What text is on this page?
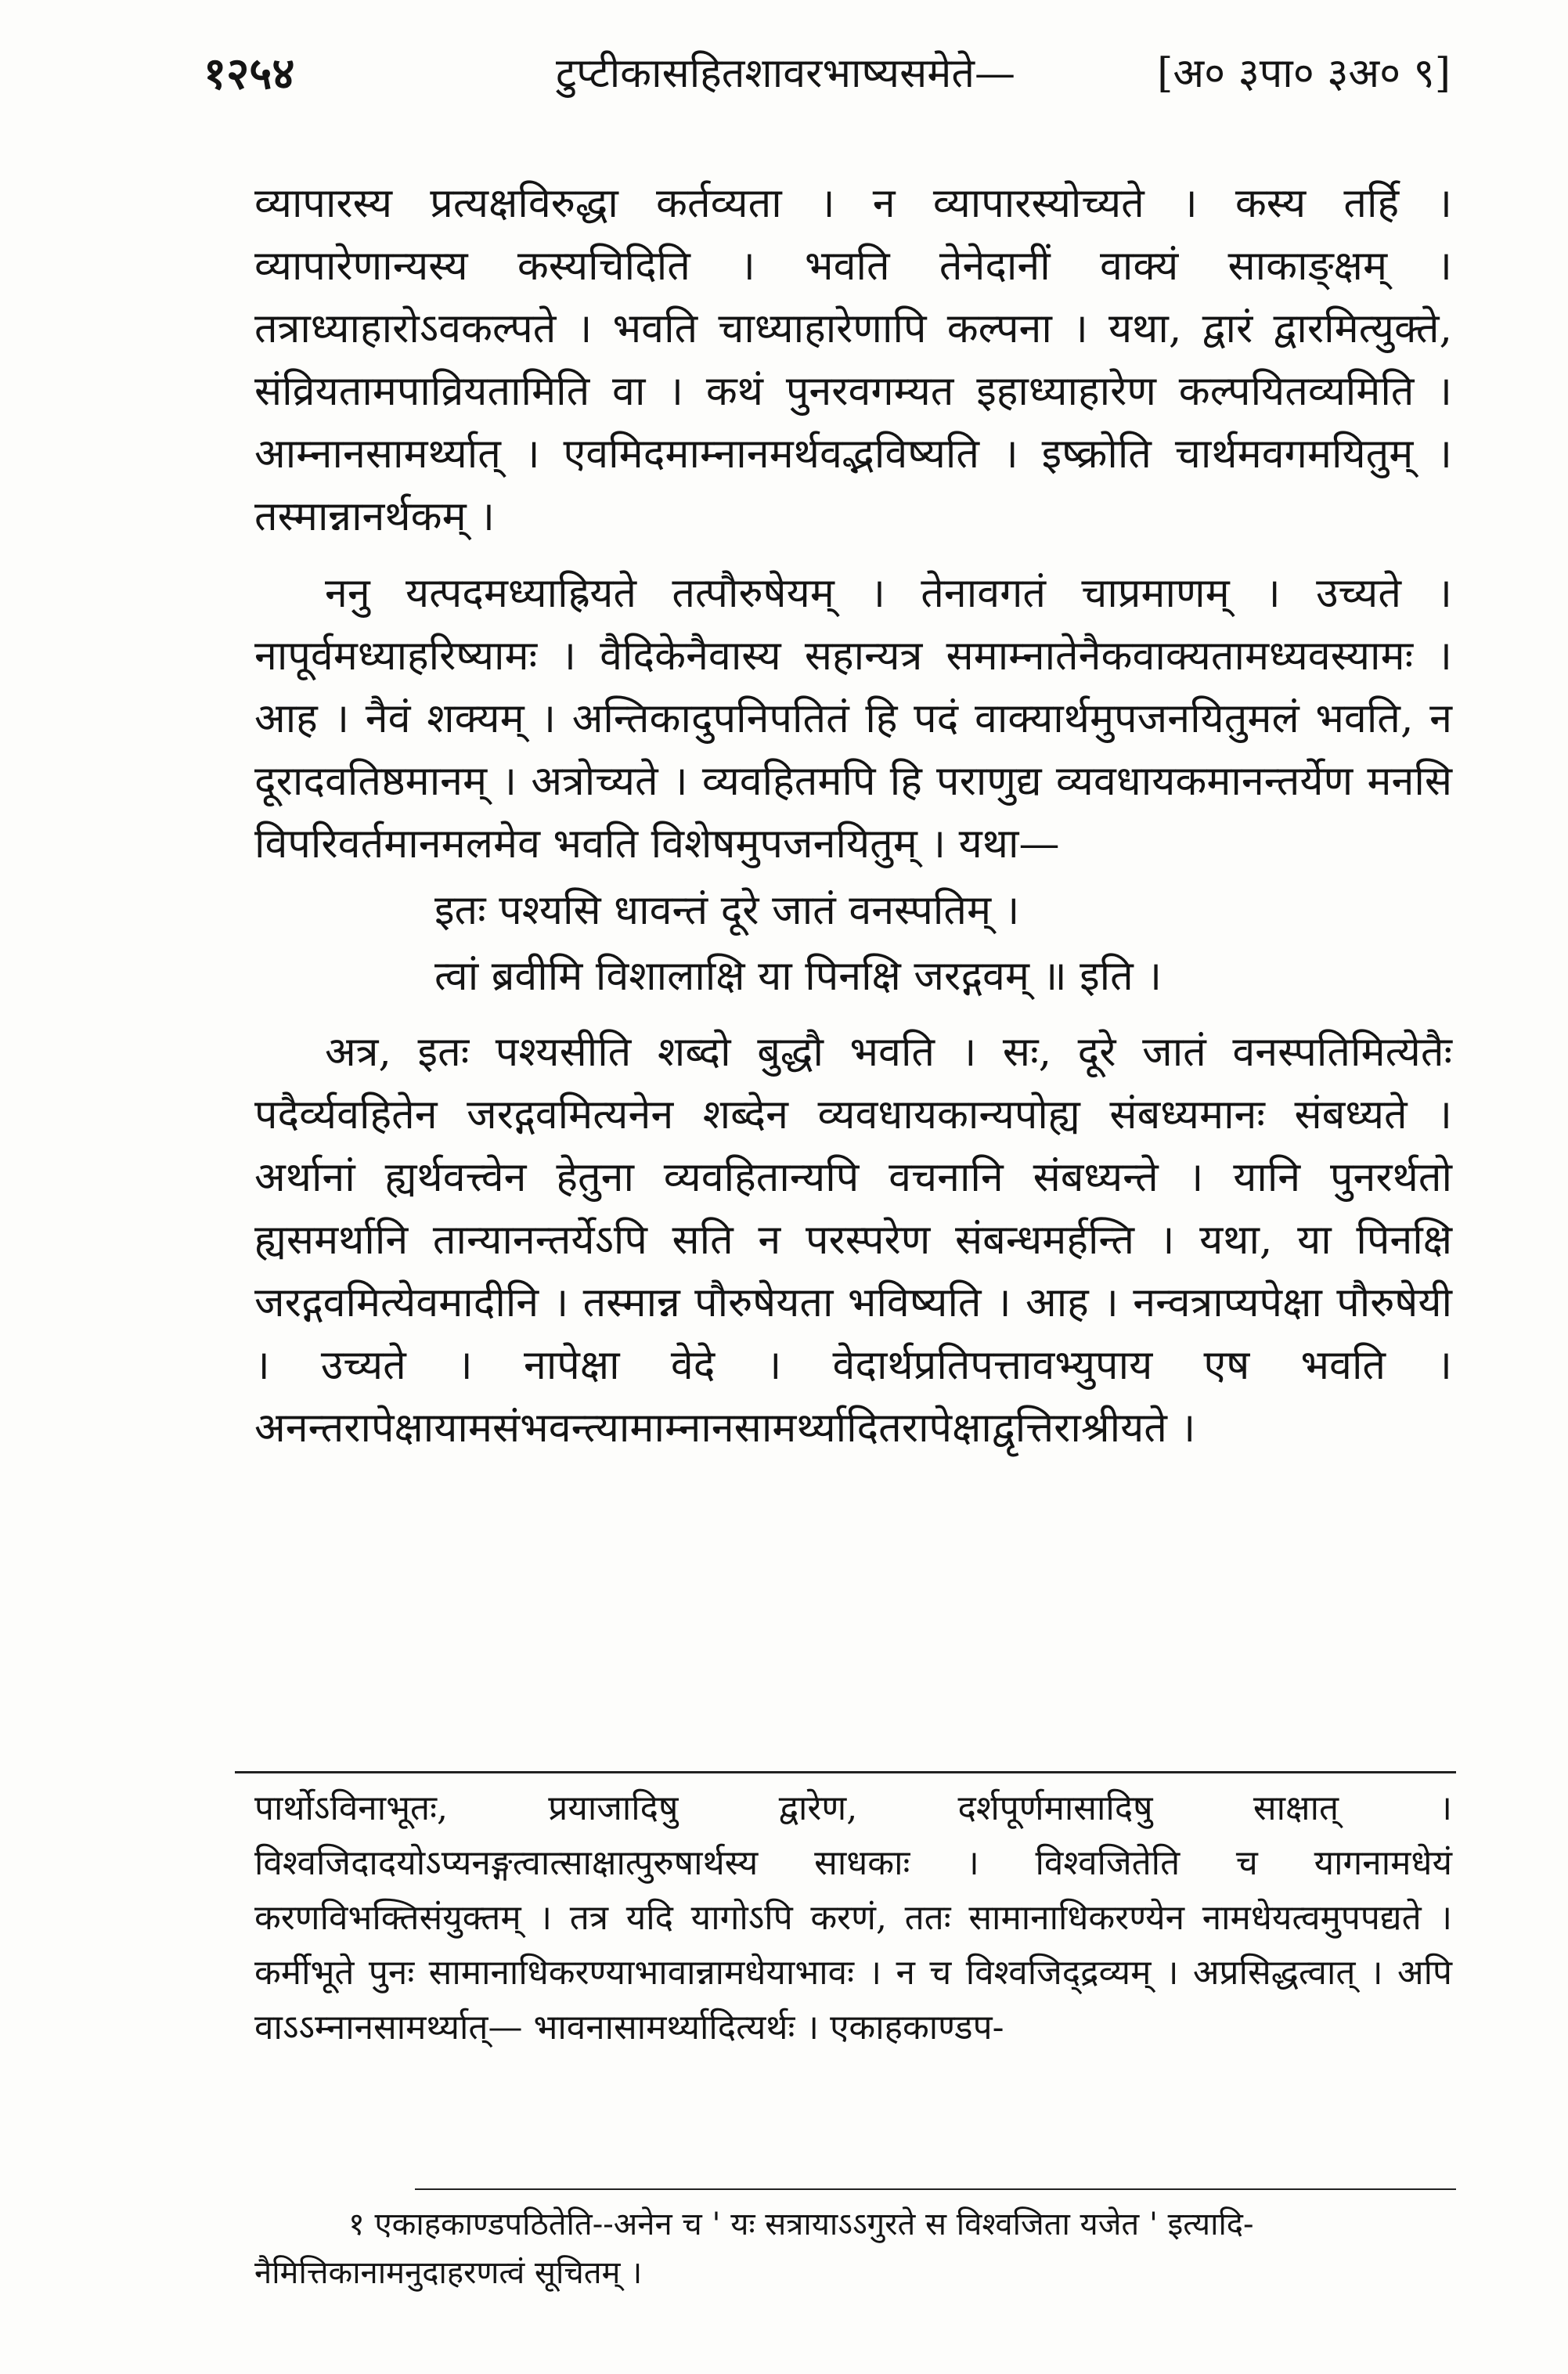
१२५४	टुप्टीकासहितशावरभाष्यसमेते—	[अ० ३पा० ३अ० ९]

व्यापारस्य प्रत्यक्षविरुद्धा कर्तव्यता । न व्यापारस्योच्यते । कस्य तर्हि । व्यापारेणान्यस्य कस्यचिदिति । भवति तेनेदानीं वाक्यं साकाङ्क्षम् । तत्राध्याहारोऽवकल्पते । भवति चाध्याहारेणापि कल्पना । यथा, द्वारं द्वारमित्युक्ते, संव्रियतामपाव्रियतामिति वा । कथं पुनरवगम्यत इहाध्याहारेण कल्पयितव्यमिति । आम्नानसामर्थ्यात् । एवमिदमाम्नानमर्थवद्भविष्यति । इष्क्रोति चार्थमवगमयितुम् । तस्मान्नानर्थकम् ।

ननु यत्पदमध्याह्रियते तत्पौरुषेयम् । तेनावगतं चाप्रमाणम् । उच्यते । नापूर्वमध्याहरिष्यामः । वैदिकेनैवास्य सहान्यत्र समाम्नातेनैकवाक्यतामध्यवस्यामः । आह । नैवं शक्यम् । अन्तिकादुपनिपतितं हि पदं वाक्यार्थमुपजनयितुमलं भवति, न दूरादवतिष्ठमानम् । अत्रोच्यते । व्यवहितमपि हि पराणुद्य व्यवधायकमानन्तर्येण मनसि विपरिवर्तमानमलमेव भवति विशेषमुपजनयितुम् । यथा—

इतः पश्यसि धावन्तं दूरे जातं वनस्पतिम् ।

त्वां ब्रवीमि विशालाक्षि या पिनक्षि जरद्गवम् ॥ इति ।

अत्र, इतः पश्यसीति शब्दो बुद्धौ भवति । सः, दूरे जातं वनस्पतिमित्येतैः पदैर्व्यवहितेन जरद्गवमित्यनेन शब्देन व्यवधायकान्यपोह्य संबध्यमानः संबध्यते । अर्थानां ह्यर्थवत्त्वेन हेतुना व्यवहितान्यपि वचनानि संबध्यन्ते । यानि पुनरर्थतो ह्यसमर्थानि तान्यानन्तर्येऽपि सति न परस्परेण संबन्धमर्हन्ति । यथा, या पिनक्षि जरद्गवमित्येवमादीनि । तस्मान्न पौरुषेयता भविष्यति । आह । नन्वत्राप्यपेक्षा पौरुषेयी । उच्यते । नापेक्षा वेदे । वेदार्थप्रतिपत्तावभ्युपाय एष भवति । अनन्तरापेक्षायामसंभवन्त्यामाम्नानसामर्थ्यादितरापेक्षाद्वृत्तिराश्रीयते ।

पार्थोऽविनाभूतः, प्रयाजादिषु द्वारेण, दर्शपूर्णमासादिषु साक्षात् । विश्वजिदादयोऽप्यनङ्गत्वात्साक्षात्पुरुषार्थस्य साधकाः । विश्वजितेति च यागनामधेयं करणविभक्तिसंयुक्तम् । तत्र यदि यागोऽपि करणं, ततः सामानाधिकरण्येन नामधेयत्वमुपपद्यते । कर्मीभूते पुनः सामानाधिकरण्याभावान्नामधेयाभावः । न च विश्वजिद्द्रव्यम् । अप्रसिद्धत्वात् । अपि वाऽऽम्नानसामर्थ्यात्— भावनासामर्थ्यादित्यर्थः । एकाहकाण्डप-

१ एकाहकाण्डपठितेति--अनेन च ' यः सत्रायाऽऽगुरते स विश्वजिता यजेत ' इत्यादि-

नैमित्तिकानामनुदाहरणत्वं सूचितम् ।
